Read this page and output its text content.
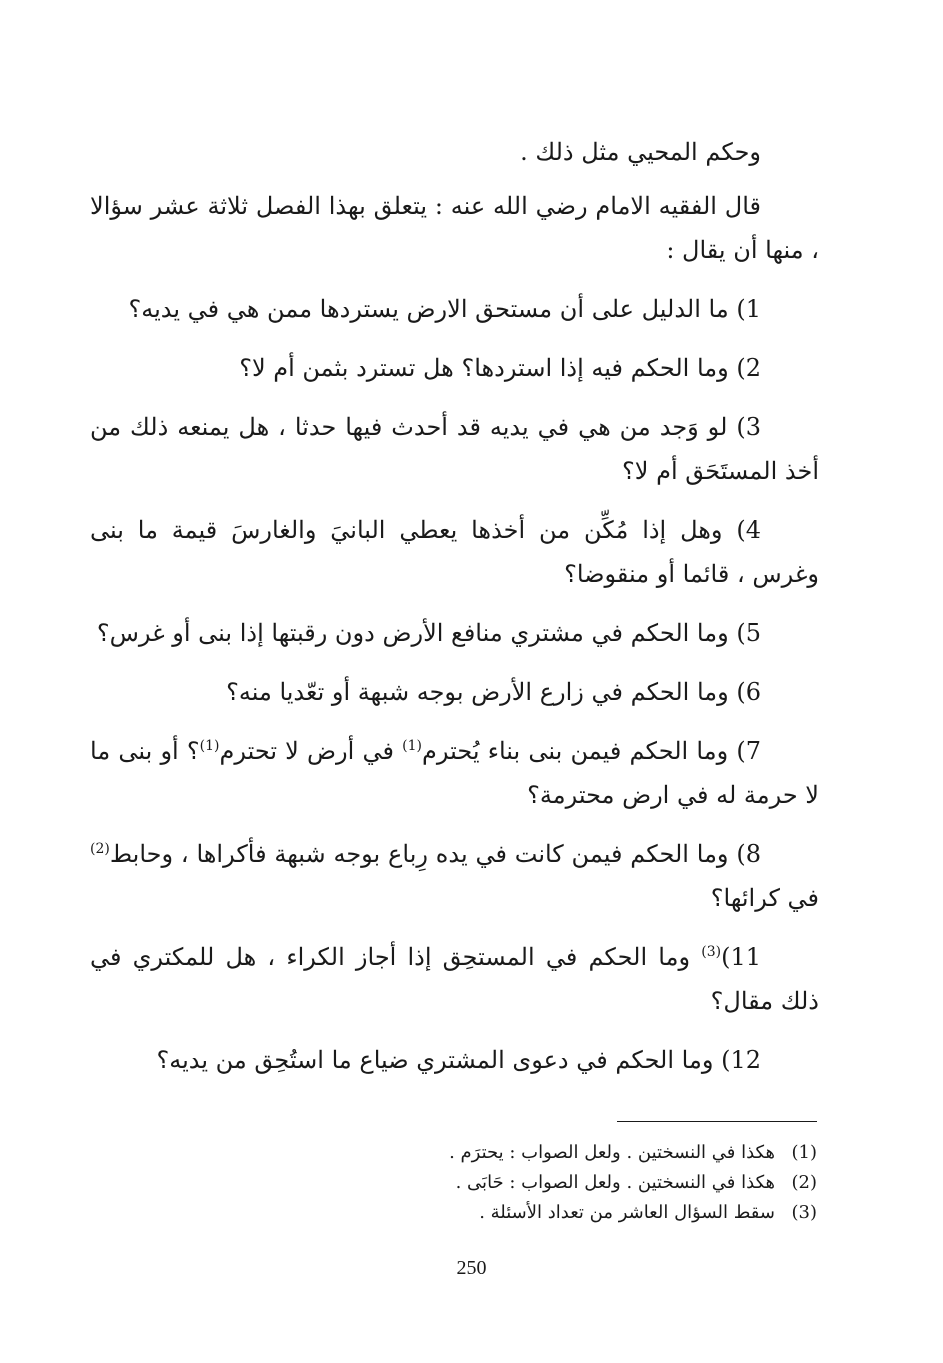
وحكم المحيي مثل ذلك .

قال الفقيه الامام رضي الله عنه : يتعلق بهذا الفصل ثلاثة عشر سؤالا ، منها أن يقال :

1) ما الدليل على أن مستحق الارض يستردها ممن هي في يديه؟

2) وما الحكم فيه إذا استردها؟ هل تسترد بثمن أم لا؟

3) لو وَجد من هي في يديه قد أحدث فيها حدثا ، هل يمنعه ذلك من أخذ المستَحَق أم لا؟

4) وهل إذا مُكِّن من أخذها يعطي البانيَ والغارسَ قيمة ما بنى وغرس ، قائما أو منقوضا؟

5) وما الحكم في مشتري منافع الأرض دون رقبتها إذا بنى أو غرس؟

6) وما الحكم في زارع الأرض بوجه شبهة أو تعّديا منه؟

7) وما الحكم فيمن بنى بناء يُحترم$^{(1)}$ في أرض لا تحترم$^{(1)}$؟ أو بنى ما لا حرمة له في ارض محترمة؟

8) وما الحكم فيمن كانت في يده رِباع بوجه شبهة فأكراها ، وحابط$^{(2)}$ في كرائها؟

11)$^{(3)}$ وما الحكم في المستحِق إذا أجاز الكراء ، هل للمكتري في ذلك مقال؟

12) وما الحكم في دعوى المشتري ضياع ما استُحِق من يديه؟

(1)هكذا في النسختين . ولعل الصواب : يحترَم .

(2)هكذا في النسختين . ولعل الصواب : حَابَى .

(3)سقط السؤال العاشر من تعداد الأسئلة .

250
